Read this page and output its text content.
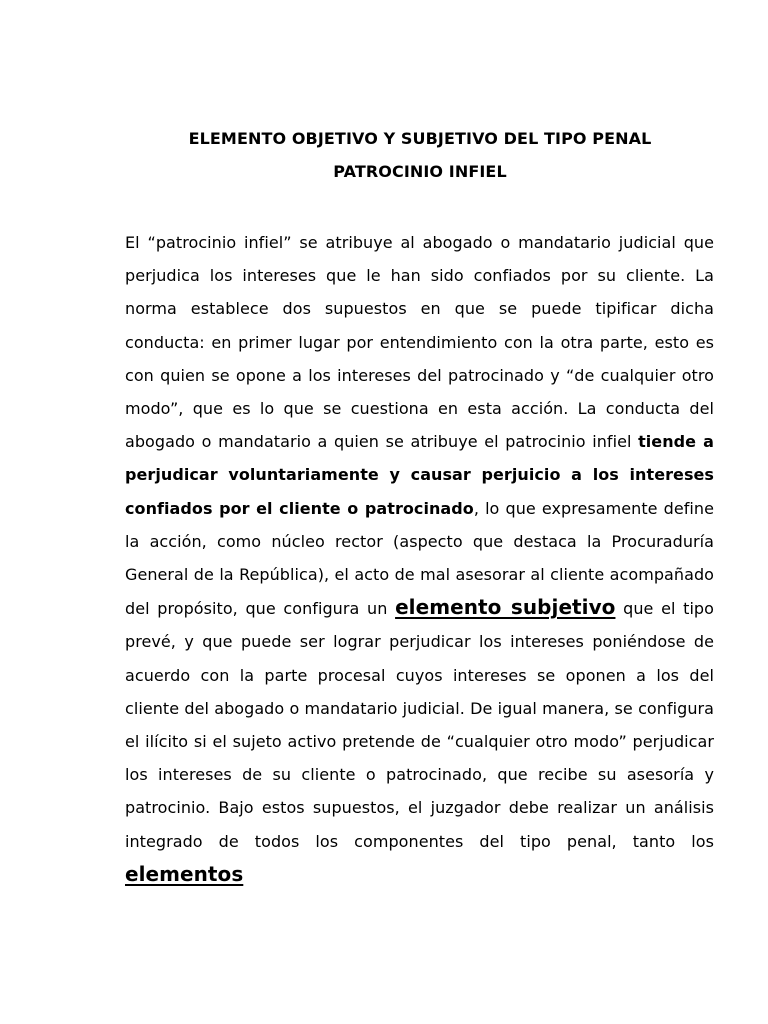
ELEMENTO OBJETIVO Y SUBJETIVO DEL TIPO PENAL
PATROCINIO INFIEL
El “patrocinio infiel” se atribuye al abogado o mandatario judicial que perjudica los intereses que le han sido confiados por su cliente. La norma establece dos supuestos en que se puede tipificar dicha conducta: en primer lugar por entendimiento con la otra parte, esto es con quien se opone a los intereses del patrocinado y “de cualquier otro modo”, que es lo que se cuestiona en esta acción. La conducta del abogado o mandatario a quien se atribuye el patrocinio infiel tiende a perjudicar voluntariamente y causar perjuicio a los intereses confiados por el cliente o patrocinado, lo que expresamente define la acción, como núcleo rector (aspecto que destaca la Procuraduría General de la República), el acto de mal asesorar al cliente acompañado del propósito, que configura un elemento subjetivo que el tipo prevé, y que puede ser lograr perjudicar los intereses poniéndose de acuerdo con la parte procesal cuyos intereses se oponen a los del cliente del abogado o mandatario judicial. De igual manera, se configura el ilícito si el sujeto activo pretende de “cualquier otro modo” perjudicar los intereses de su cliente o patrocinado, que recibe su asesoría y patrocinio. Bajo estos supuestos, el juzgador debe realizar un análisis integrado de todos los componentes del tipo penal, tanto los elementos
